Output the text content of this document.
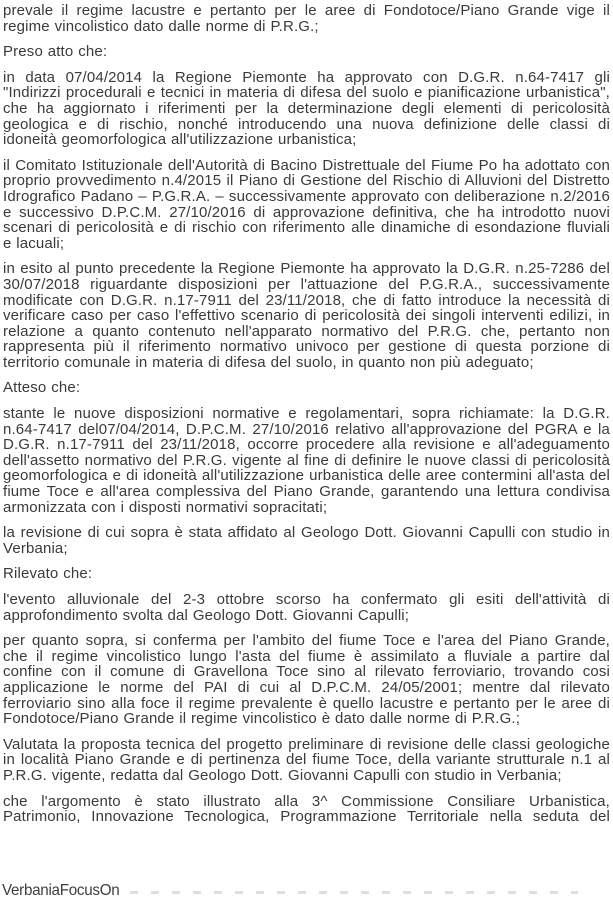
prevale il regime lacustre e pertanto per le aree di Fondotoce/Piano Grande vige il regime vincolistico dato dalle norme di P.R.G.;

Preso atto che:

in data 07/04/2014 la Regione Piemonte ha approvato con D.G.R. n.64-7417 gli "Indirizzi procedurali e tecnici in materia di difesa del suolo e pianificazione urbanistica", che ha aggiornato i riferimenti per la determinazione degli elementi di pericolosità geologica e di rischio, nonché introducendo una nuova definizione delle classi di idoneità geomorfologica all'utilizzazione urbanistica;

il Comitato Istituzionale dell'Autorità di Bacino Distrettuale del Fiume Po ha adottato con proprio provvedimento n.4/2015 il Piano di Gestione del Rischio di Alluvioni del Distretto Idrografico Padano – P.G.R.A. – successivamente approvato con deliberazione n.2/2016 e successivo D.P.C.M. 27/10/2016 di approvazione definitiva, che ha introdotto nuovi scenari di pericolosità e di rischio con riferimento alle dinamiche di esondazione fluviali e lacuali;

in esito al punto precedente la Regione Piemonte ha approvato la D.G.R. n.25-7286 del 30/07/2018 riguardante disposizioni per l'attuazione del P.G.R.A., successivamente modificate con D.G.R. n.17-7911 del 23/11/2018, che di fatto introduce la necessità di verificare caso per caso l'effettivo scenario di pericolosità dei singoli interventi edilizi, in relazione a quanto contenuto nell'apparato normativo del P.R.G. che, pertanto non rappresenta più il riferimento normativo univoco per gestione di questa porzione di territorio comunale in materia di difesa del suolo, in quanto non più adeguato;

Atteso che:

stante le nuove disposizioni normative e regolamentari, sopra richiamate: la D.G.R. n.64-7417 del07/04/2014, D.P.C.M. 27/10/2016 relativo all'approvazione del PGRA e la D.G.R. n.17-7911 del 23/11/2018, occorre procedere alla revisione e all'adeguamento dell'assetto normativo del P.R.G. vigente al fine di definire le nuove classi di pericolosità geomorfologica e di idoneità all'utilizzazione urbanistica delle aree contermini all'asta del fiume Toce e all'area complessiva del Piano Grande, garantendo una lettura condivisa armonizzata con i disposti normativi sopracitati;

la revisione di cui sopra è stata affidato al Geologo Dott. Giovanni Capulli con studio in Verbania;

Rilevato che:

l'evento alluvionale del 2-3 ottobre scorso ha confermato gli esiti dell'attività di approfondimento svolta dal Geologo Dott. Giovanni Capulli;

per quanto sopra, si conferma per l'ambito del fiume Toce e l'area del Piano Grande, che il regime vincolistico lungo l'asta del fiume è assimilato a fluviale a partire dal confine con il comune di Gravellona Toce sino al rilevato ferroviario, trovando cosi applicazione le norme del PAI di cui al D.P.C.M. 24/05/2001; mentre dal rilevato ferroviario sino alla foce il regime prevalente è quello lacustre e pertanto per le aree di Fondotoce/Piano Grande il regime vincolistico è dato dalle norme di P.R.G.;

Valutata la proposta tecnica del progetto preliminare di revisione delle classi geologiche in località Piano Grande e di pertinenza del fiume Toce, della variante strutturale n.1 al P.R.G. vigente, redatta dal Geologo Dott. Giovanni Capulli con studio in Verbania;

che l'argomento è stato illustrato alla 3^ Commissione Consiliare Urbanistica, Patrimonio, Innovazione Tecnologica, Programmazione Territoriale nella seduta del

VerbaniaFocusOn
